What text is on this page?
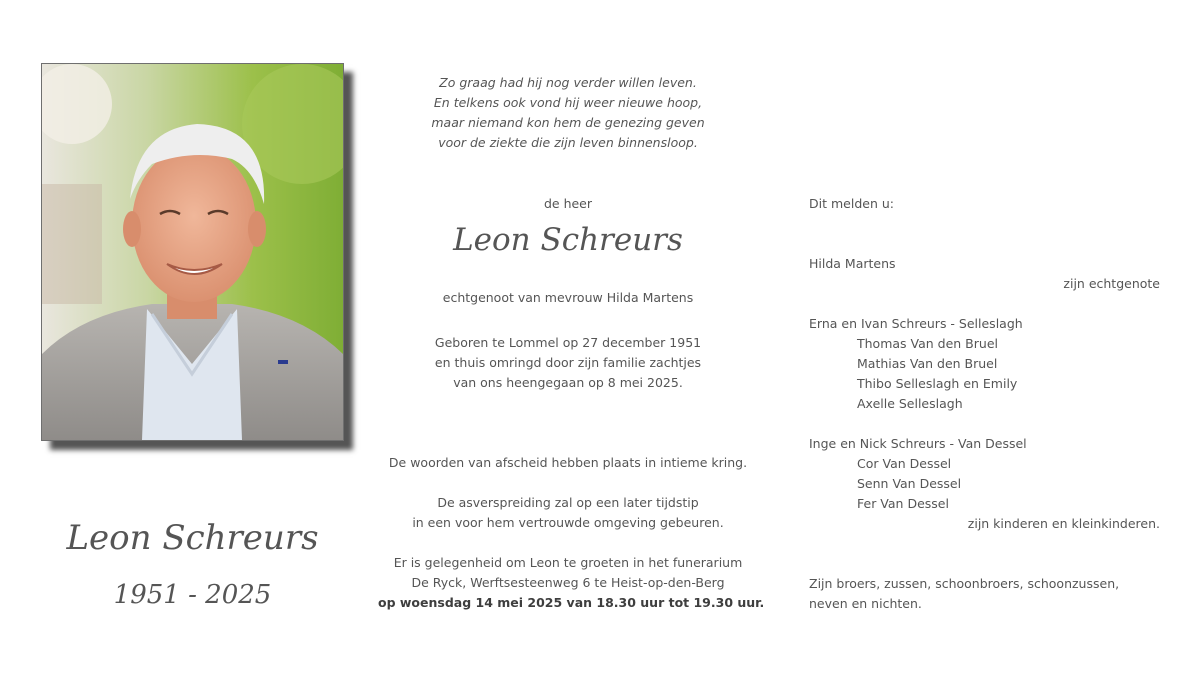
Leon Schreurs
1951 - 2025
Zo graag had hij nog verder willen leven.
En telkens ook vond hij weer nieuwe hoop,
maar niemand kon hem de genezing geven
voor de ziekte die zijn leven binnensloop.
de heer
Leon Schreurs
echtgenoot van mevrouw Hilda Martens
Geboren te Lommel op 27 december 1951
en thuis omringd door zijn familie zachtjes
van ons heengegaan op 8 mei 2025.
De woorden van afscheid hebben plaats in intieme kring.
De asverspreiding zal op een later tijdstip
in een voor hem vertrouwde omgeving gebeuren.
Er is gelegenheid om Leon te groeten in het funerarium
De Ryck, Werftsesteenweg 6 te Heist-op-den-Berg
op woensdag 14 mei 2025 van 18.30 uur tot 19.30 uur.
Dit melden u:
Hilda Martens
zijn echtgenote
Erna en Ivan Schreurs - Selleslagh
Thomas Van den Bruel
Mathias Van den Bruel
Thibo Selleslagh en Emily
Axelle Selleslagh
Inge en Nick Schreurs - Van Dessel
Cor Van Dessel
Senn Van Dessel
Fer Van Dessel
zijn kinderen en kleinkinderen.
Zijn broers, zussen, schoonbroers, schoonzussen,
neven en nichten.
